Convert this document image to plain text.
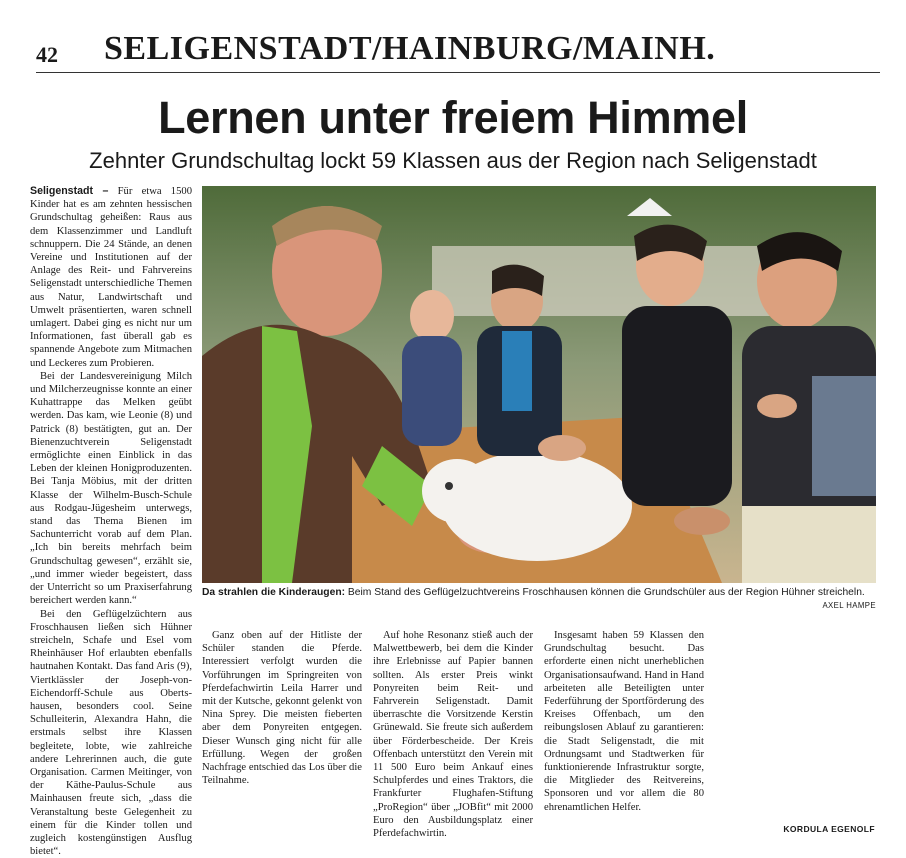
42 SELIGENSTADT/HAINBURG/MAINH.
Lernen unter freiem Himmel
Zehnter Grundschultag lockt 59 Klassen aus der Region nach Seligenstadt

Seligenstadt – Für etwa 1500 Kinder hat es am zehnten hessischen Grundschultag geheißen: Raus aus dem Klassenzimmer und Landluft schnuppern. Die 24 Stände, an denen Vereine und Institutionen auf der Anlage des Reit- und Fahrvereins Seligenstadt unterschiedliche Themen aus Natur, Landwirtschaft und Umwelt präsentierten, waren schnell umlagert. Dabei ging es nicht nur um Informationen, fast überall gab es spannende Angebote zum Mitmachen und Leckeres zum Probieren.

Bei der Landesvereinigung Milch und Milcherzeugnisse konnte an einer Kuhattrappe das Melken geübt werden. Das kam, wie Leonie (8) und Patrick (8) bestätigten, gut an. Der Bienenzuchtverein Seligenstadt ermöglichte einen Einblick in das Leben der kleinen Honigproduzenten. Bei Tanja Möbius, mit der dritten Klasse der Wilhelm-Busch-Schule aus Rodgau-Jügesheim unterwegs, stand das Thema Bienen im Sachunterricht vorab auf dem Plan. „Ich bin bereits mehrfach beim Grundschultag gewesen“, erzählt sie, „und immer wieder begeistert, dass der Unterricht so um Praxiserfahrung bereichert werden kann.“

Bei den Geflügelzüchtern aus Froschhausen ließen sich Hühner streicheln, Schafe und Esel vom Rheinhäuser Hof erlaubten ebenfalls hautnahen Kontakt. Das fand Aris (9), Viertklässler der Joseph-von-Eichendorff-Schule aus Obertshausen, besonders cool. Seine Schulleiterin, Alexandra Hahn, die erstmals selbst ihre Klassen begleitete, lobte, wie zahlreiche andere Lehrerinnen auch, die gute Organisation. Carmen Meitinger, von der Käthe-Paulus-Schule aus Mainhausen freute sich, „dass die Veranstaltung beste Gelegenheit zu einem für die Kinder tollen und zugleich kostengünstigen Ausflug bietet“.

Ganz oben auf der Hitliste der Schüler standen die Pferde. Interessiert verfolgt wurden die Vorführungen im Springreiten von Pferdefachwirtin Leila Harrer und mit der Kutsche, gekonnt gelenkt von Nina Sprey. Die meisten fieberten aber dem Ponyreiten entgegen. Dieser Wunsch ging nicht für alle Erfüllung. Wegen der großen Nachfrage entschied das Los über die Teilnahme.

Auf hohe Resonanz stieß auch der Malwettbewerb, bei dem die Kinder ihre Erlebnisse auf Papier bannen sollten. Als erster Preis winkt Ponyreiten beim Reit- und Fahrverein Seligenstadt. Damit überraschte die Vorsitzende Kerstin Grünewald. Sie freute sich außerdem über Förderbescheide. Der Kreis Offenbach unterstützt den Verein mit 11 500 Euro beim Ankauf eines Schulpferdes und eines Traktors, die Frankfurter Flughafen-Stiftung „ProRegion“ über „JOBfit“ mit 2000 Euro den Ausbildungsplatz einer Pferdefachwirtin.

Insgesamt haben 59 Klassen den Grundschultag besucht. Das erforderte einen nicht unerheblichen Organisationsaufwand. Hand in Hand arbeiteten alle Beteiligten unter Federführung der Sportförderung des Kreises Offenbach, um den reibungslosen Ablauf zu garantieren: die Stadt Seligenstadt, die mit Ordnungsamt und Stadtwerken für funktionierende Infrastruktur sorgte, die Mitglieder des Reitvereins, Sponsoren und vor allem die 80 ehrenamtlichen Helfer.

KORDULA EGENOLF
Da strahlen die Kinderaugen: Beim Stand des Geflügelzuchtvereins Froschhausen können die Grundschüler aus der Region Hühner streicheln.
AXEL HAMPE
